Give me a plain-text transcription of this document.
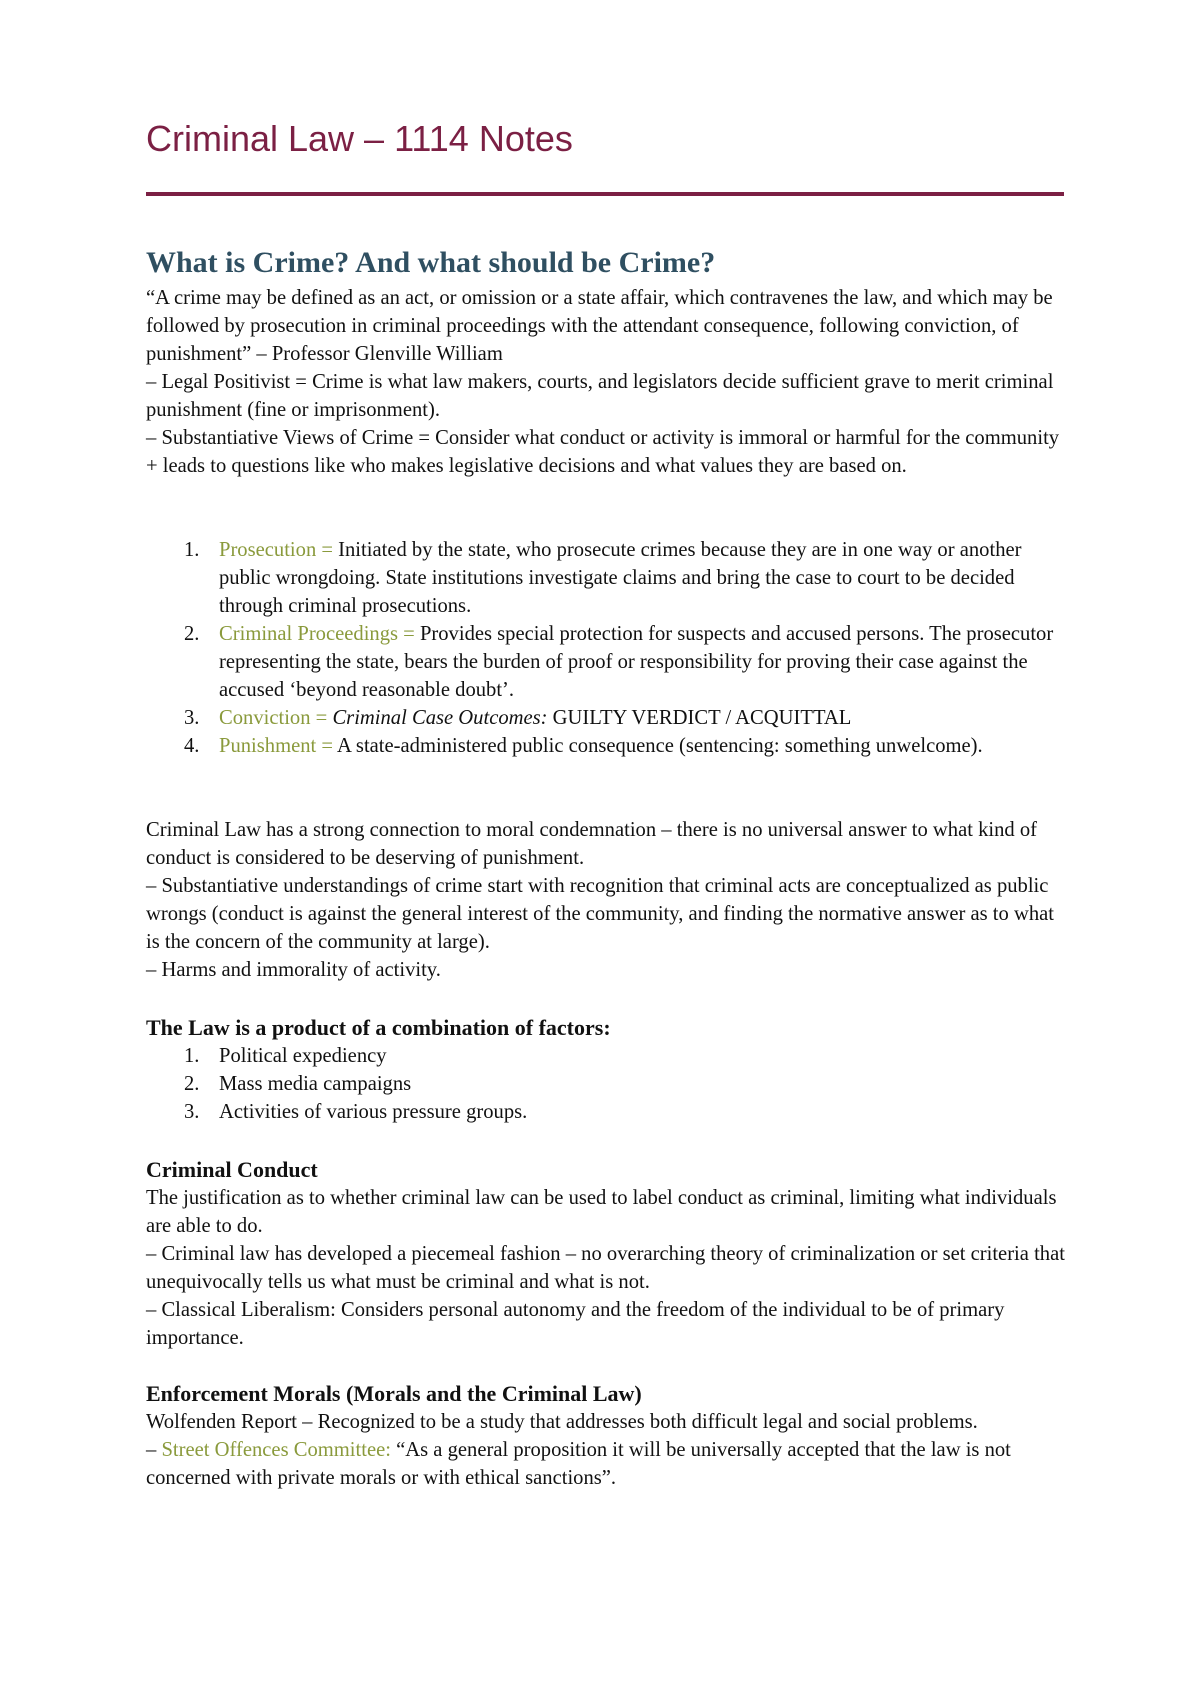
Criminal Law – 1114 Notes
What is Crime? And what should be Crime?

“A crime may be defined as an act, or omission or a state affair, which contravenes the law, and which may be followed by prosecution in criminal proceedings with the attendant consequence, following conviction, of punishment” – Professor Glenville William

– Legal Positivist = Crime is what law makers, courts, and legislators decide sufficient grave to merit criminal punishment (fine or imprisonment).

– Substantiative Views of Crime = Consider what conduct or activity is immoral or harmful for the community + leads to questions like who makes legislative decisions and what values they are based on.

1. Prosecution = Initiated by the state, who prosecute crimes because they are in one way or another public wrongdoing. State institutions investigate claims and bring the case to court to be decided through criminal prosecutions.
2. Criminal Proceedings = Provides special protection for suspects and accused persons. The prosecutor representing the state, bears the burden of proof or responsibility for proving their case against the accused ‘beyond reasonable doubt’.
3. Conviction = Criminal Case Outcomes: GUILTY VERDICT / ACQUITTAL
4. Punishment = A state-administered public consequence (sentencing: something unwelcome).

Criminal Law has a strong connection to moral condemnation – there is no universal answer to what kind of conduct is considered to be deserving of punishment.

– Substantiative understandings of crime start with recognition that criminal acts are conceptualized as public wrongs (conduct is against the general interest of the community, and finding the normative answer as to what is the concern of the community at large).

– Harms and immorality of activity.

The Law is a product of a combination of factors:
1. Political expediency
2. Mass media campaigns
3. Activities of various pressure groups.
Criminal Conduct

The justification as to whether criminal law can be used to label conduct as criminal, limiting what individuals are able to do.

– Criminal law has developed a piecemeal fashion – no overarching theory of criminalization or set criteria that unequivocally tells us what must be criminal and what is not.

– Classical Liberalism: Considers personal autonomy and the freedom of the individual to be of primary importance.

Enforcement Morals (Morals and the Criminal Law)

Wolfenden Report – Recognized to be a study that addresses both difficult legal and social problems.

– Street Offences Committee: “As a general proposition it will be universally accepted that the law is not concerned with private morals or with ethical sanctions”.
